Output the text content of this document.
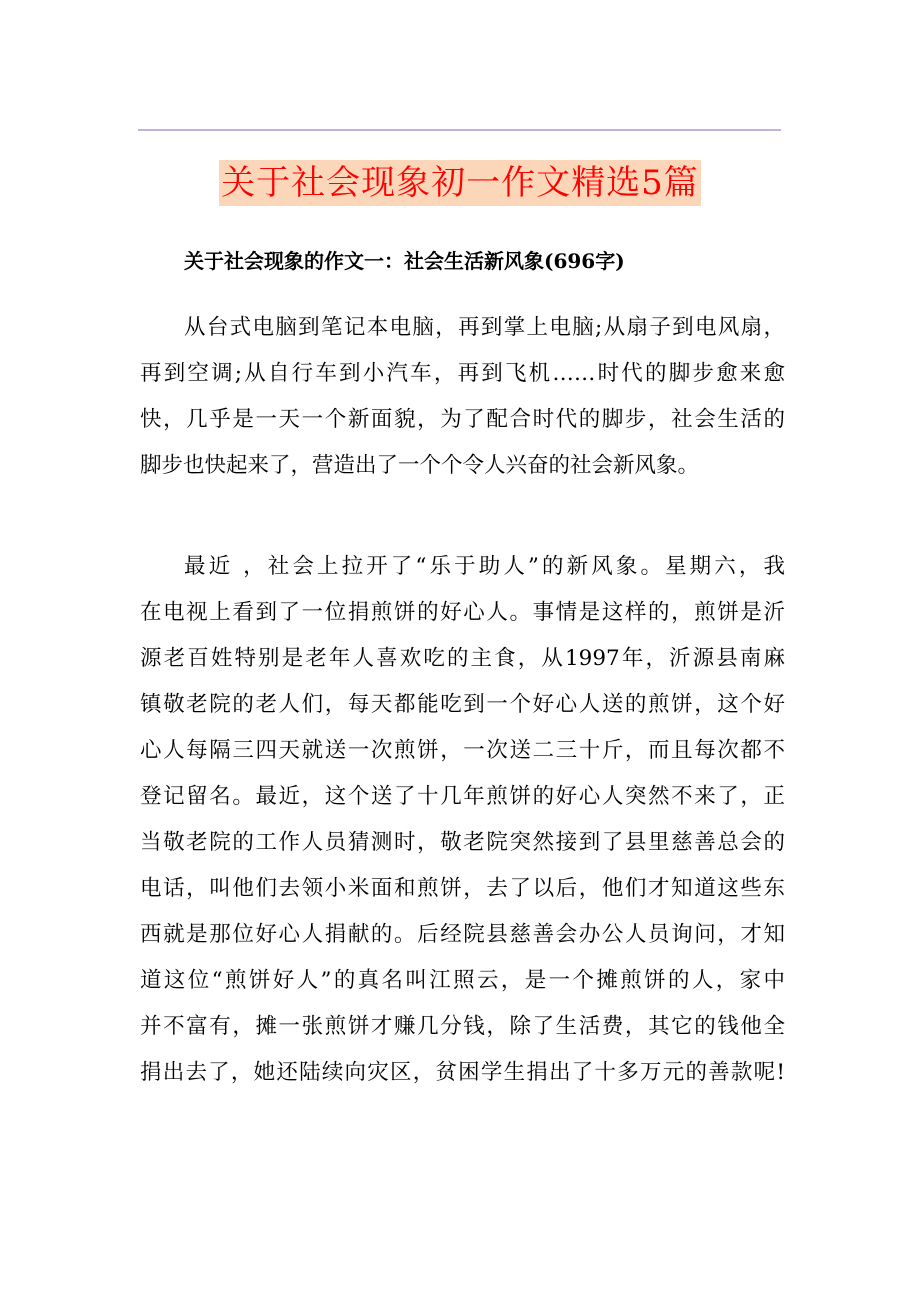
关于社会现象初一作文精选5篇
关于社会现象的作文一：社会生活新风象(696字)
从台式电脑到笔记本电脑，再到掌上电脑;从扇子到电风扇，
再到空调;从自行车到小汽车，再到飞机……时代的脚步愈来愈
快，几乎是一天一个新面貌，为了配合时代的脚步，社会生活的
脚步也快起来了，营造出了一个个令人兴奋的社会新风象。
最近 ，社会上拉开了“乐于助人”的新风象。星期六，我
在电视上看到了一位捐煎饼的好心人。事情是这样的，煎饼是沂
源老百姓特别是老年人喜欢吃的主食，从1997年，沂源县南麻
镇敬老院的老人们，每天都能吃到一个好心人送的煎饼，这个好
心人每隔三四天就送一次煎饼，一次送二三十斤，而且每次都不
登记留名。最近，这个送了十几年煎饼的好心人突然不来了，正
当敬老院的工作人员猜测时，敬老院突然接到了县里慈善总会的
电话，叫他们去领小米面和煎饼，去了以后，他们才知道这些东
西就是那位好心人捐献的。后经院县慈善会办公人员询问，才知
道这位“煎饼好人”的真名叫江照云，是一个摊煎饼的人，家中
并不富有，摊一张煎饼才赚几分钱，除了生活费，其它的钱他全
捐出去了，她还陆续向灾区，贫困学生捐出了十多万元的善款呢!
